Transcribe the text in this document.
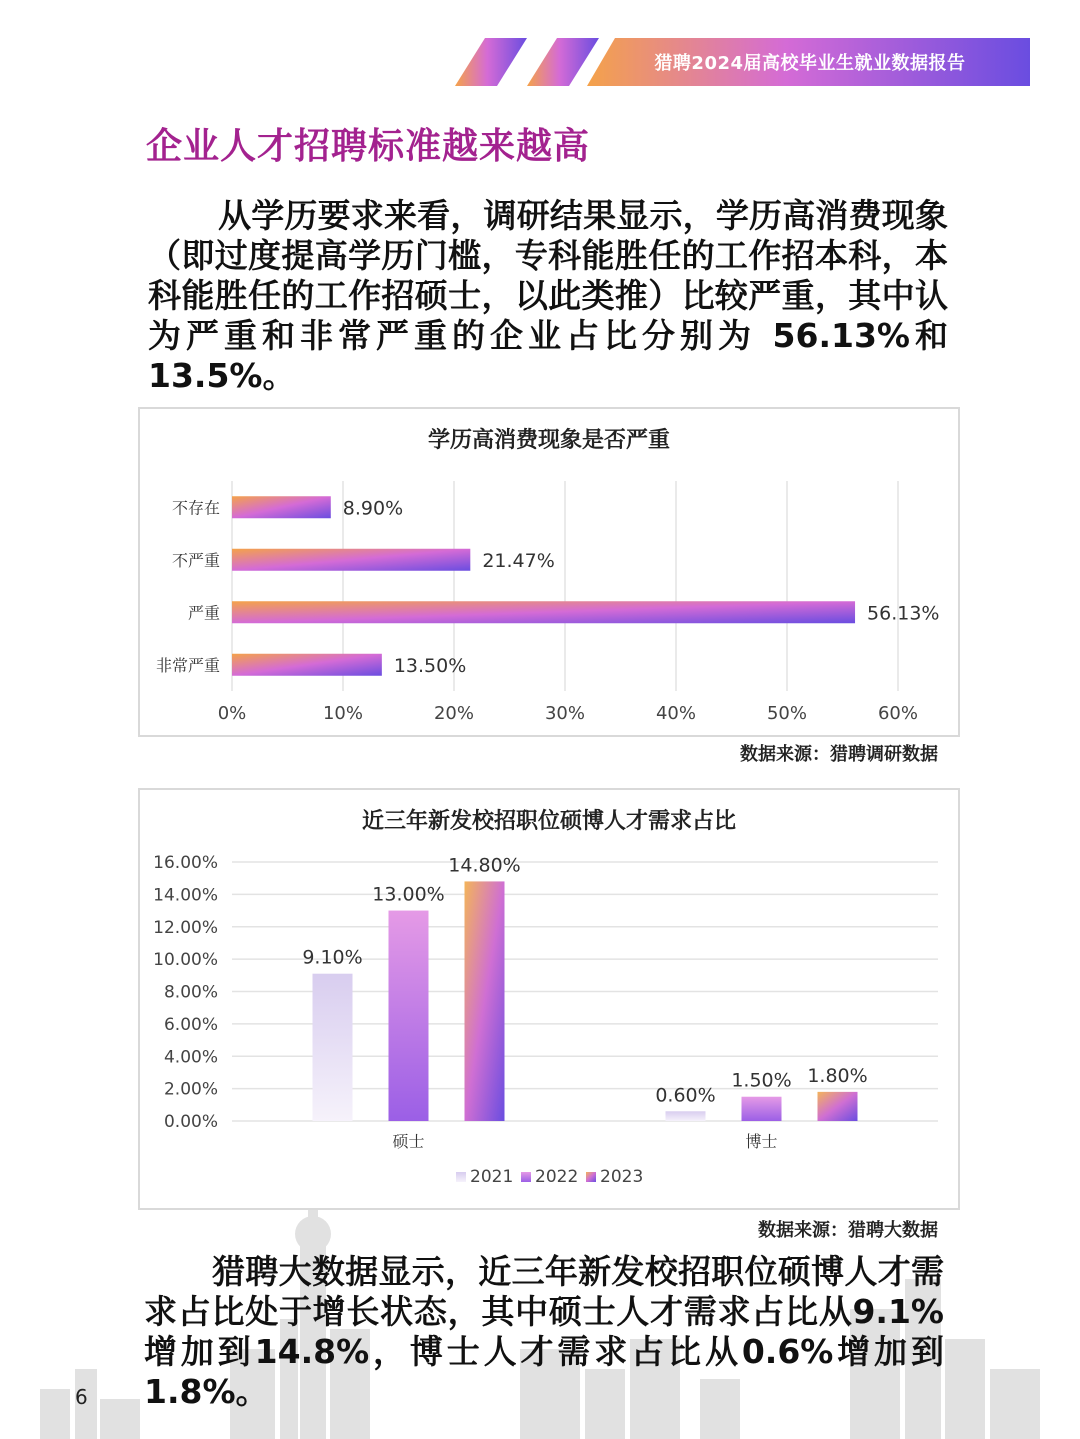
猎聘2024届高校毕业生就业数据报告
企业人才招聘标准越来越高

从学历要求来看，调研结果显示，学历高消费现象（即过度提高学历门槛，专科能胜任的工作招本科，本科能胜任的工作招硕士，以此类推）比较严重，其中认为严重和非常严重的企业占比分别为 56.13%和13.5%。

学历高消费现象是否严重
0%	10%	20%	30%	40%	50%	60%
不存在	8.90%
不严重	21.47%
严重	56.13%
非常严重	13.50%
数据来源：猎聘调研数据
近三年新发校招职位硕博人才需求占比
0.00%
2.00%
4.00%
6.00%
8.00%
10.00%
12.00%
14.00%
16.00%
硕士
9.10%
13.00%
14.80%
博士
0.60%
1.50% 1.80%
2021 2022 2023
数据来源：猎聘大数据

猎聘大数据显示，近三年新发校招职位硕博人才需求占比处于增长状态，其中硕士人才需求占比从9.1%增加到14.8%，博士人才需求占比从0.6%增加到1.8%。

6
